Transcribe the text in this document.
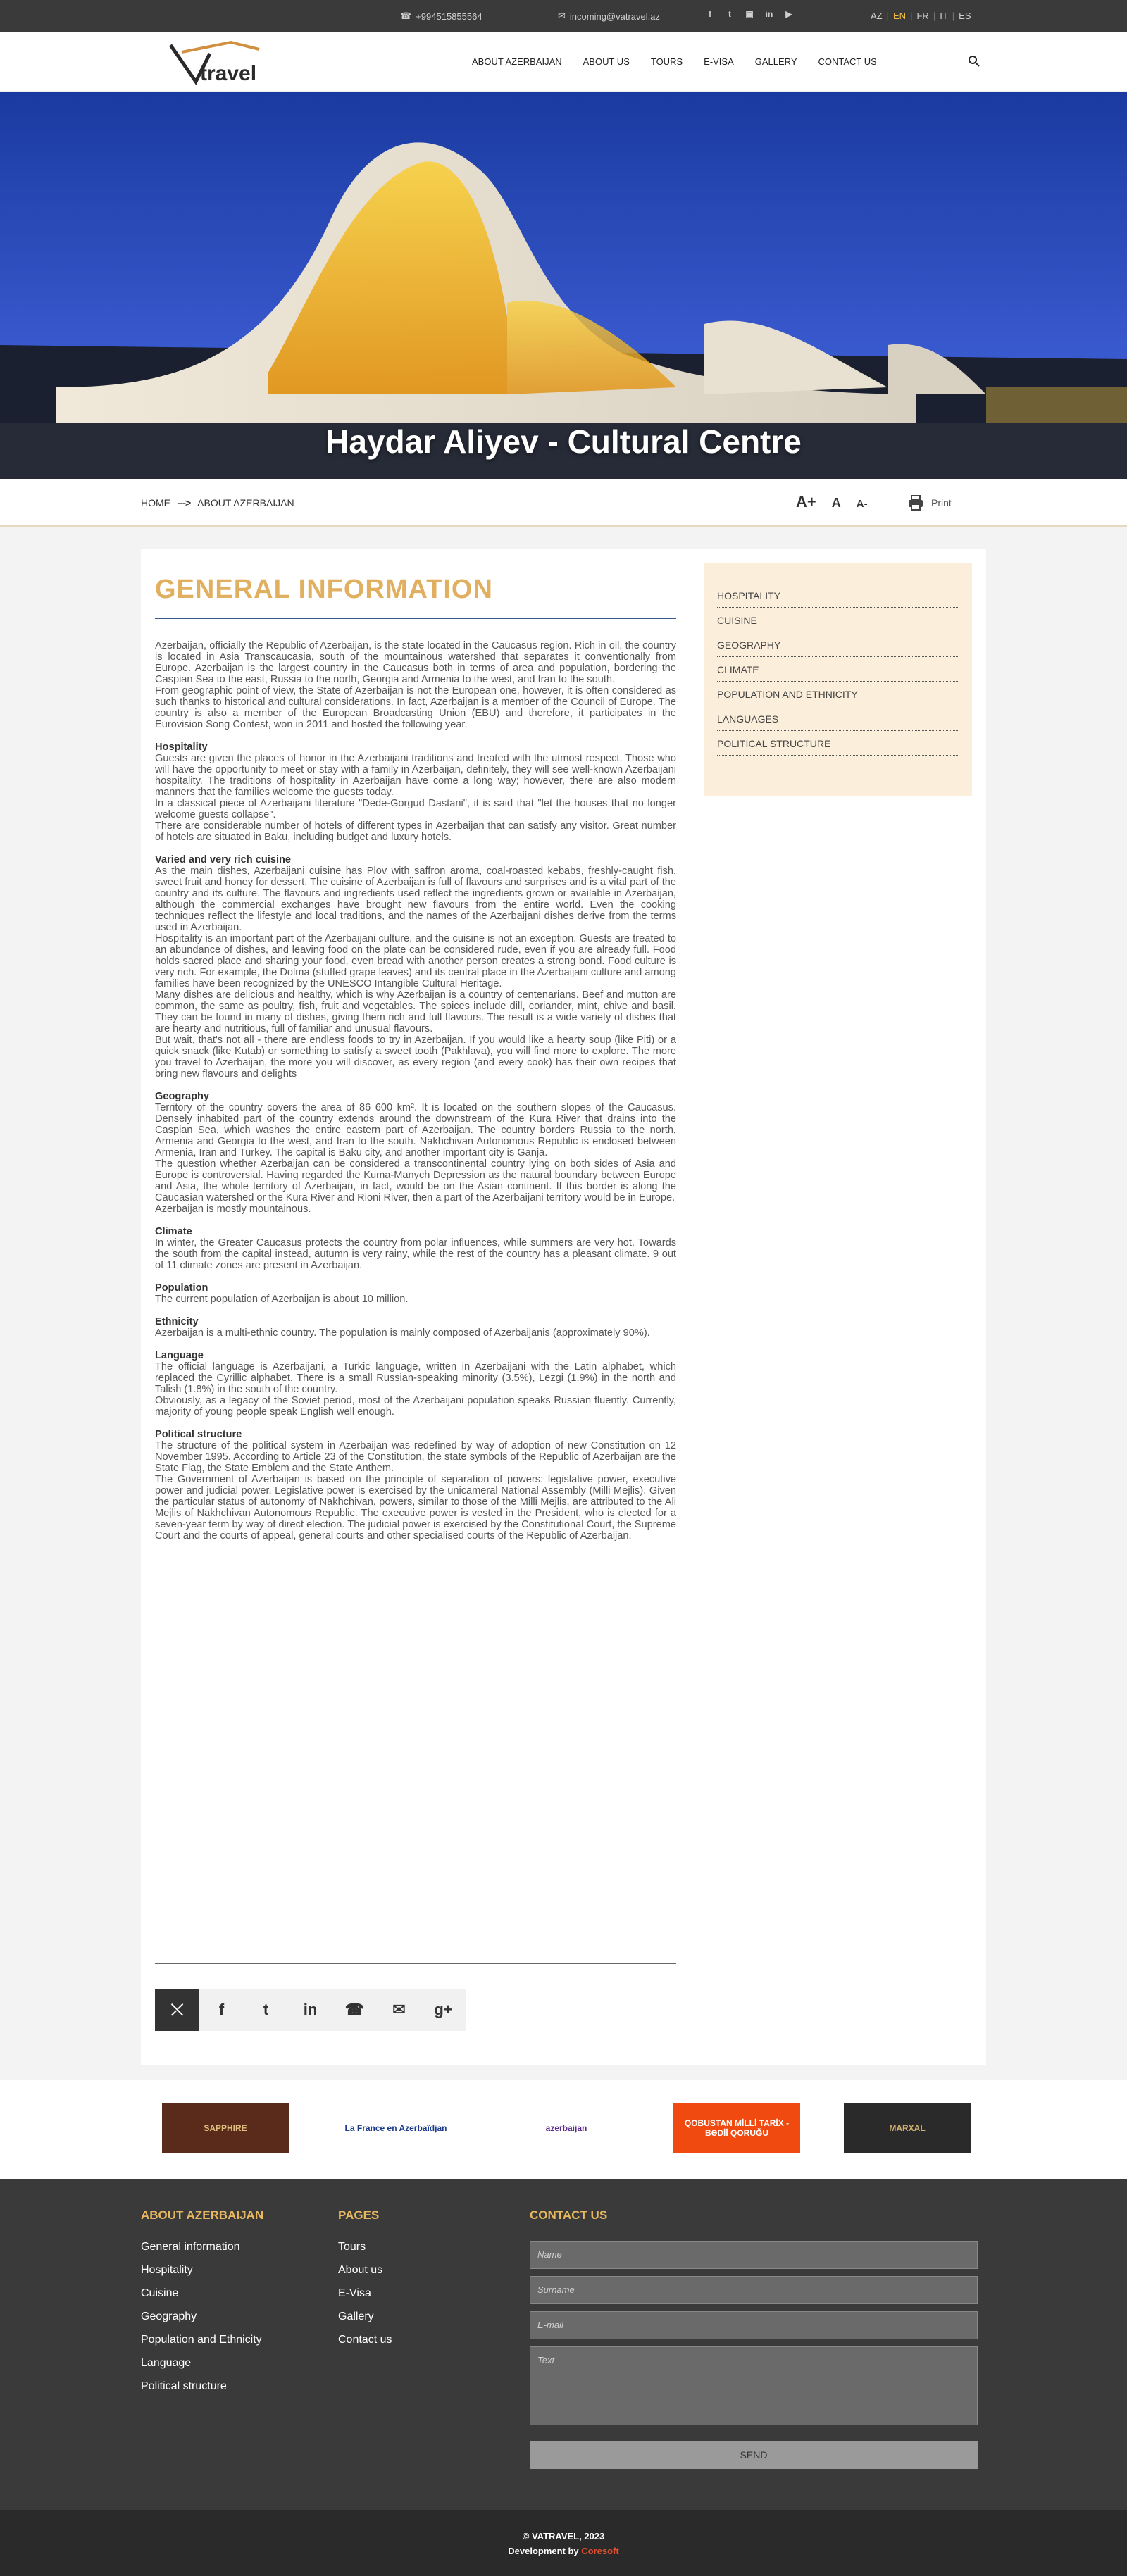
☎ +994515855564	✉ incoming@vatravel.az	f	t	▣ in ▶	AZ | EN | FR | IT | ES
travel
ABOUT AZERBAIJAN ABOUT US TOURS E-VISA GALLERY CONTACT US
Haydar Aliyev - Cultural Centre
HOME ---> ABOUT AZERBAIJAN	A+ A A-	Print
GENERAL INFORMATION

Azerbaijan, officially the Republic of Azerbaijan, is the state located in the Caucasus region. Rich in oil, the country is located in Asia Transcaucasia, south of the mountainous watershed that separates it conventionally from Europe. Azerbaijan is the largest country in the Caucasus both in terms of area and population, bordering the Caspian Sea to the east, Russia to the north, Georgia and Armenia to the west, and Iran to the south.

From geographic point of view, the State of Azerbaijan is not the European one, however, it is often considered as such thanks to historical and cultural considerations. In fact, Azerbaijan is a member of the Council of Europe. The country is also a member of the European Broadcasting Union (EBU) and therefore, it participates in the Eurovision Song Contest, won in 2011 and hosted the following year.

Hospitality

Guests are given the places of honor in the Azerbaijani traditions and treated with the utmost respect. Those who will have the opportunity to meet or stay with a family in Azerbaijan, definitely, they will see well-known Azerbaijani hospitality. The traditions of hospitality in Azerbaijan have come a long way; however, there are also modern manners that the families welcome the guests today.

In a classical piece of Azerbaijani literature "Dede-Gorgud Dastani", it is said that "let the houses that no longer welcome guests collapse".

There are considerable number of hotels of different types in Azerbaijan that can satisfy any visitor. Great number of hotels are situated in Baku, including budget and luxury hotels.

Varied and very rich cuisine

As the main dishes, Azerbaijani cuisine has Plov with saffron aroma, coal-roasted kebabs, freshly-caught fish, sweet fruit and honey for dessert. The cuisine of Azerbaijan is full of flavours and surprises and is a vital part of the country and its culture. The flavours and ingredients used reflect the ingredients grown or available in Azerbaijan, although the commercial exchanges have brought new flavours from the entire world. Even the cooking techniques reflect the lifestyle and local traditions, and the names of the Azerbaijani dishes derive from the terms used in Azerbaijan.

Hospitality is an important part of the Azerbaijani culture, and the cuisine is not an exception. Guests are treated to an abundance of dishes, and leaving food on the plate can be considered rude, even if you are already full. Food holds sacred place and sharing your food, even bread with another person creates a strong bond. Food culture is very rich. For example, the Dolma (stuffed grape leaves) and its central place in the Azerbaijani culture and among families have been recognized by the UNESCO Intangible Cultural Heritage.

Many dishes are delicious and healthy, which is why Azerbaijan is a country of centenarians. Beef and mutton are common, the same as poultry, fish, fruit and vegetables. The spices include dill, coriander, mint, chive and basil. They can be found in many of dishes, giving them rich and full flavours. The result is a wide variety of dishes that are hearty and nutritious, full of familiar and unusual flavours.

But wait, that's not all - there are endless foods to try in Azerbaijan. If you would like a hearty soup (like Piti) or a quick snack (like Kutab) or something to satisfy a sweet tooth (Pakhlava), you will find more to explore. The more you travel to Azerbaijan, the more you will discover, as every region (and every cook) has their own recipes that bring new flavours and delights

Geography

Territory of the country covers the area of 86 600 km². It is located on the southern slopes of the Caucasus. Densely inhabited part of the country extends around the downstream of the Kura River that drains into the Caspian Sea, which washes the entire eastern part of Azerbaijan. The country borders Russia to the north, Armenia and Georgia to the west, and Iran to the south. Nakhchivan Autonomous Republic is enclosed between Armenia, Iran and Turkey. The capital is Baku city, and another important city is Ganja.

The question whether Azerbaijan can be considered a transcontinental country lying on both sides of Asia and Europe is controversial. Having regarded the Kuma-Manych Depression as the natural boundary between Europe and Asia, the whole territory of Azerbaijan, in fact, would be on the Asian continent. If this border is along the Caucasian watershed or the Kura River and Rioni River, then a part of the Azerbaijani territory would be in Europe.

Azerbaijan is mostly mountainous.

Climate

In winter, the Greater Caucasus protects the country from polar influences, while summers are very hot. Towards the south from the capital instead, autumn is very rainy, while the rest of the country has a pleasant climate. 9 out of 11 climate zones are present in Azerbaijan.

Population

The current population of Azerbaijan is about 10 million.

Ethnicity

Azerbaijan is a multi-ethnic country. The population is mainly composed of Azerbaijanis (approximately 90%).

Language

The official language is Azerbaijani, a Turkic language, written in Azerbaijani with the Latin alphabet, which replaced the Cyrillic alphabet. There is a small Russian-speaking minority (3.5%), Lezgi (1.9%) in the north and Talish (1.8%) in the south of the country.

Obviously, as a legacy of the Soviet period, most of the Azerbaijani population speaks Russian fluently. Currently, majority of young people speak English well enough.

Political structure

The structure of the political system in Azerbaijan was redefined by way of adoption of new Constitution on 12 November 1995. According to Article 23 of the Constitution, the state symbols of the Republic of Azerbaijan are the State Flag, the State Emblem and the State Anthem.

The Government of Azerbaijan is based on the principle of separation of powers: legislative power, executive power and judicial power. Legislative power is exercised by the unicameral National Assembly (Milli Mejlis). Given the particular status of autonomy of Nakhchivan, powers, similar to those of the Milli Mejlis, are attributed to the Ali Mejlis of Nakhchivan Autonomous Republic. The executive power is vested in the President, who is elected for a seven-year term by way of direct election. The judicial power is exercised by the Constitutional Court, the Supreme Court and the courts of appeal, general courts and other specialised courts of the Republic of Azerbaijan.

⤬	f	t	in	☎	✉	g+
HOSPITALITY
CUISINE
GEOGRAPHY
CLIMATE
POPULATION AND ETHNICITY
LANGUAGES
POLITICAL STRUCTURE
SAPPHIRE	La France en Azerbaïdjan	azerbaijan	QOBUSTAN MİLLİ TARİX - BƏDİİ QORUĞU	MARXAL
ABOUT AZERBAIJAN
General information
Hospitality
Cuisine
Geography
Population and Ethnicity
Language
Political structure
PAGES
Tours
About us
E-Visa
Gallery
Contact us
CONTACT US
Name
Surname
E-mail
Text
SEND
© VATRAVEL, 2023
Development by Coresoft
